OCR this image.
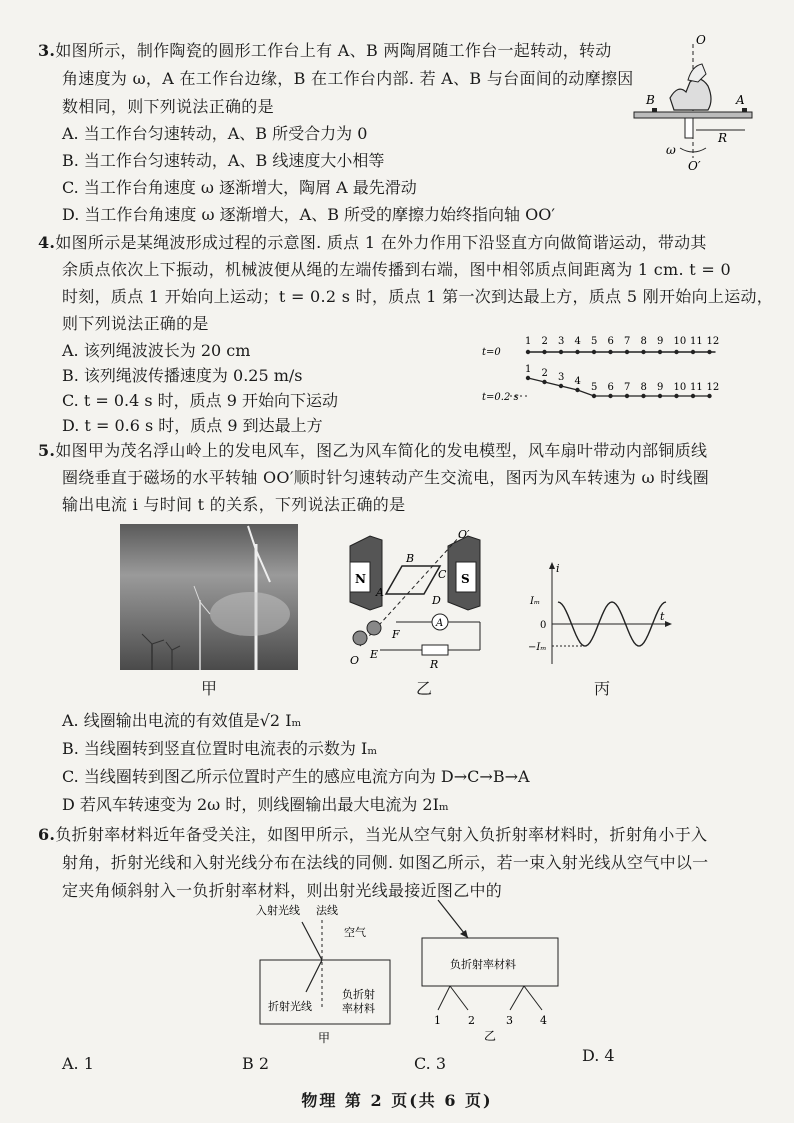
3.如图所示，制作陶瓷的圆形工作台上有 A、B 两陶屑随工作台一起转动，转动
角速度为 ω，A 在工作台边缘，B 在工作台内部. 若 A、B 与台面间的动摩擦因
数相同，则下列说法正确的是
A. 当工作台匀速转动，A、B 所受合力为 0
B. 当工作台匀速转动，A、B 线速度大小相等
C. 当工作台角速度 ω 逐渐增大，陶屑 A 最先滑动
D. 当工作台角速度 ω 逐渐增大，A、B 所受的摩擦力始终指向轴 OO′
O
O′
B	A
R
ω
4.如图所示是某绳波形成过程的示意图. 质点 1 在外力作用下沿竖直方向做简谐运动，带动其
余质点依次上下振动，机械波便从绳的左端传播到右端，图中相邻质点间距离为 1 cm. t = 0
时刻，质点 1 开始向上运动；t = 0.2 s 时，质点 1 第一次到达最上方，质点 5 刚开始向上运动，
则下列说法正确的是
A. 该列绳波波长为 20 cm
B. 该列绳波传播速度为 0.25 m/s
C. t = 0.4 s 时，质点 9 开始向下运动
D. t = 0.6 s 时，质点 9 到达最上方
t=0
t=0.2 s
1 2 3 4 5 6 7 8 9 10 11 12
1 2 3 4
5 6 7 8 9 10 11 12
5.如图甲为茂名浮山岭上的发电风车，图乙为风车简化的发电模型，风车扇叶带动内部铜质线
圈绕垂直于磁场的水平转轴 OO′顺时针匀速转动产生交流电，图丙为风车转速为 ω 时线圈
输出电流 i 与时间 t 的关系，下列说法正确的是
甲
N	S
B
C
A
D
O′
O
F
E
A
R
乙
i
t
Iₘ
0
−Iₘ
丙
A. 线圈输出电流的有效值是√2 Iₘ
B. 当线圈转到竖直位置时电流表的示数为 Iₘ
C. 当线圈转到图乙所示位置时产生的感应电流方向为 D→C→B→A
D 若风车转速变为 2ω 时，则线圈输出最大电流为 2Iₘ
6.负折射率材料近年备受关注，如图甲所示，当光从空气射入负折射率材料时，折射角小于入
射角，折射光线和入射光线分布在法线的同侧. 如图乙所示，若一束入射光线从空气中以一
定夹角倾斜射入一负折射率材料，则出射光线最接近图乙中的
入射光线 法线
空气
折射光线
负折射
率材料
甲
负折射率材料
1 2	3 4
乙
A. 1	B 2	C. 3	D. 4
物理 第 2 页(共 6 页)
